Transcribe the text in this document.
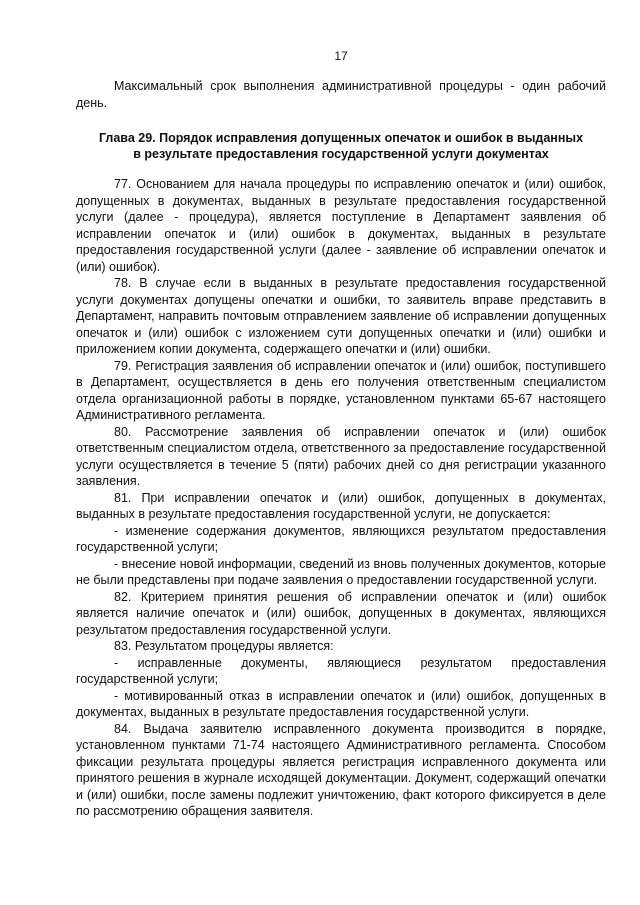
17

Максимальный срок выполнения административной процедуры - один рабочий день.

Глава 29. Порядок исправления допущенных опечаток и ошибок в выданных
в результате предоставления государственной услуги документах

77. Основанием для начала процедуры по исправлению опечаток и (или) ошибок, допущенных в документах, выданных в результате предоставления государственной услуги (далее - процедура), является поступление в Департамент заявления об исправлении опечаток и (или) ошибок в документах, выданных в результате предоставления государственной услуги (далее - заявление об исправлении опечаток и (или) ошибок).

78. В случае если в выданных в результате предоставления государственной услуги документах допущены опечатки и ошибки, то заявитель вправе представить в Департамент, направить почтовым отправлением заявление об исправлении допущенных опечаток и (или) ошибок с изложением сути допущенных опечатки и (или) ошибки и приложением копии документа, содержащего опечатки и (или) ошибки.

79. Регистрация заявления об исправлении опечаток и (или) ошибок, поступившего в Департамент, осуществляется в день его получения ответственным специалистом отдела организационной работы в порядке, установленном пунктами 65-67 настоящего Административного регламента.

80. Рассмотрение заявления об исправлении опечаток и (или) ошибок ответственным специалистом отдела, ответственного за предоставление государственной услуги осуществляется в течение 5 (пяти) рабочих дней со дня регистрации указанного заявления.

81. При исправлении опечаток и (или) ошибок, допущенных в документах, выданных в результате предоставления государственной услуги, не допускается:

- изменение содержания документов, являющихся результатом предоставления государственной услуги;

- внесение новой информации, сведений из вновь полученных документов, которые не были представлены при подаче заявления о предоставлении государственной услуги.

82. Критерием принятия решения об исправлении опечаток и (или) ошибок является наличие опечаток и (или) ошибок, допущенных в документах, являющихся результатом предоставления государственной услуги.

83. Результатом процедуры является:

- исправленные документы, являющиеся результатом предоставления государственной услуги;

- мотивированный отказ в исправлении опечаток и (или) ошибок, допущенных в документах, выданных в результате предоставления государственной услуги.

84. Выдача заявителю исправленного документа производится в порядке, установленном пунктами 71-74 настоящего Административного регламента. Способом фиксации результата процедуры является регистрация исправленного документа или принятого решения в журнале исходящей документации. Документ, содержащий опечатки и (или) ошибки, после замены подлежит уничтожению, факт которого фиксируется в деле по рассмотрению обращения заявителя.
